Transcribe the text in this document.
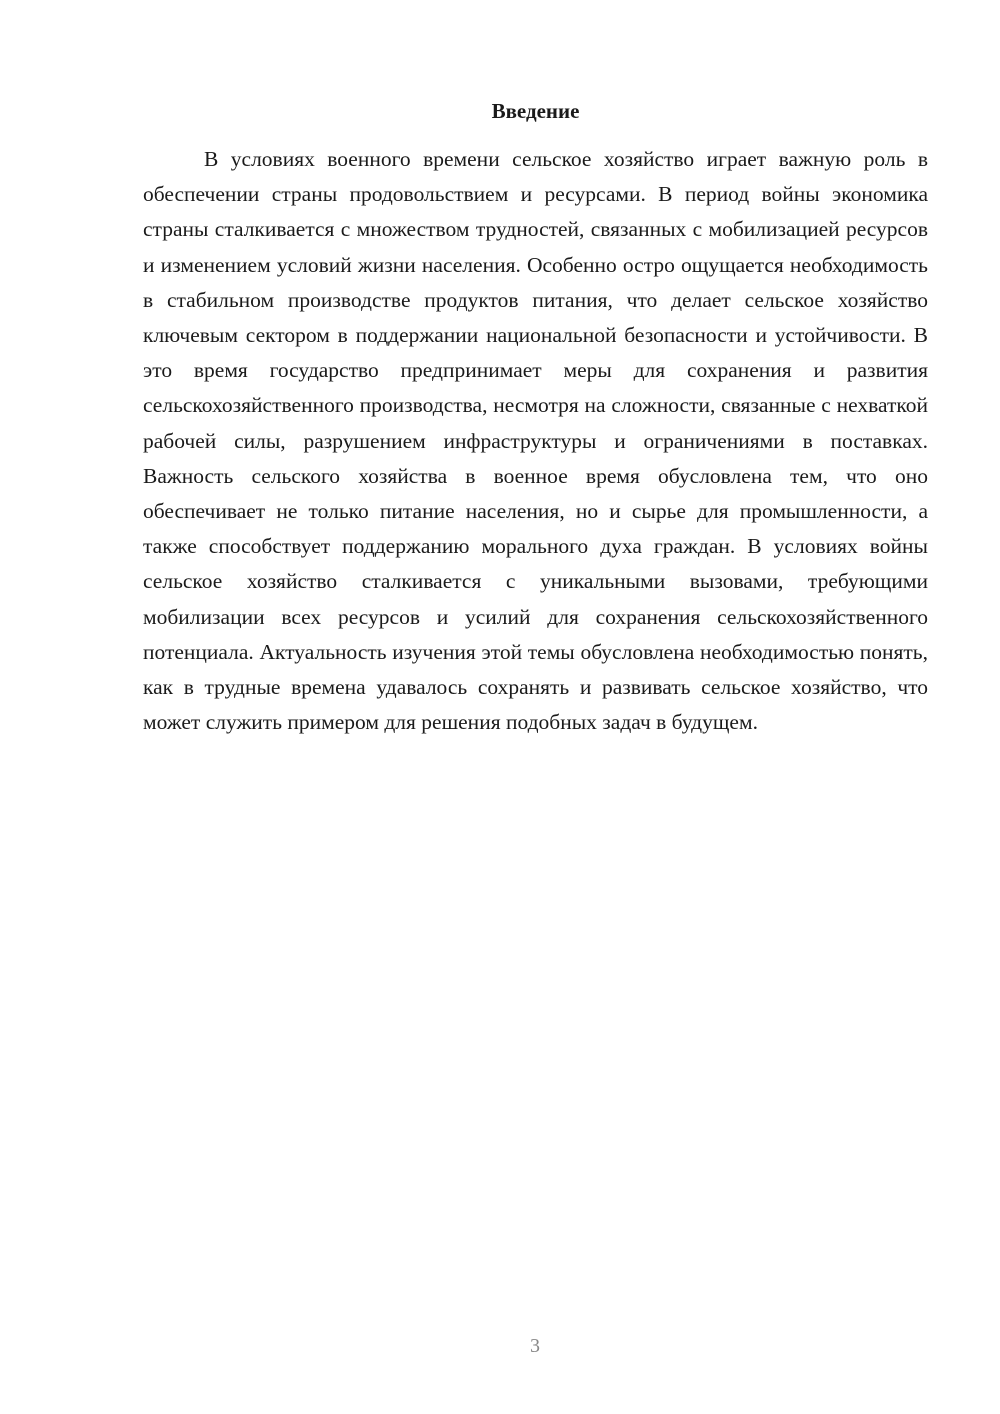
Введение

В условиях военного времени сельское хозяйство играет важную роль в обеспечении страны продовольствием и ресурсами. В период войны экономика страны сталкивается с множеством трудностей, связанных с мобилизацией ресурсов и изменением условий жизни населения. Особенно остро ощущается необходимость в стабильном производстве продуктов питания, что делает сельское хозяйство ключевым сектором в поддержании национальной безопасности и устойчивости. В это время государство предпринимает меры для сохранения и развития сельскохозяйственного производства, несмотря на сложности, связанные с нехваткой рабочей силы, разрушением инфраструктуры и ограничениями в поставках. Важность сельского хозяйства в военное время обусловлена тем, что оно обеспечивает не только питание населения, но и сырье для промышленности, а также способствует поддержанию морального духа граждан. В условиях войны сельское хозяйство сталкивается с уникальными вызовами, требующими мобилизации всех ресурсов и усилий для сохранения сельскохозяйственного потенциала. Актуальность изучения этой темы обусловлена необходимостью понять, как в трудные времена удавалось сохранять и развивать сельское хозяйство, что может служить примером для решения подобных задач в будущем.

3
